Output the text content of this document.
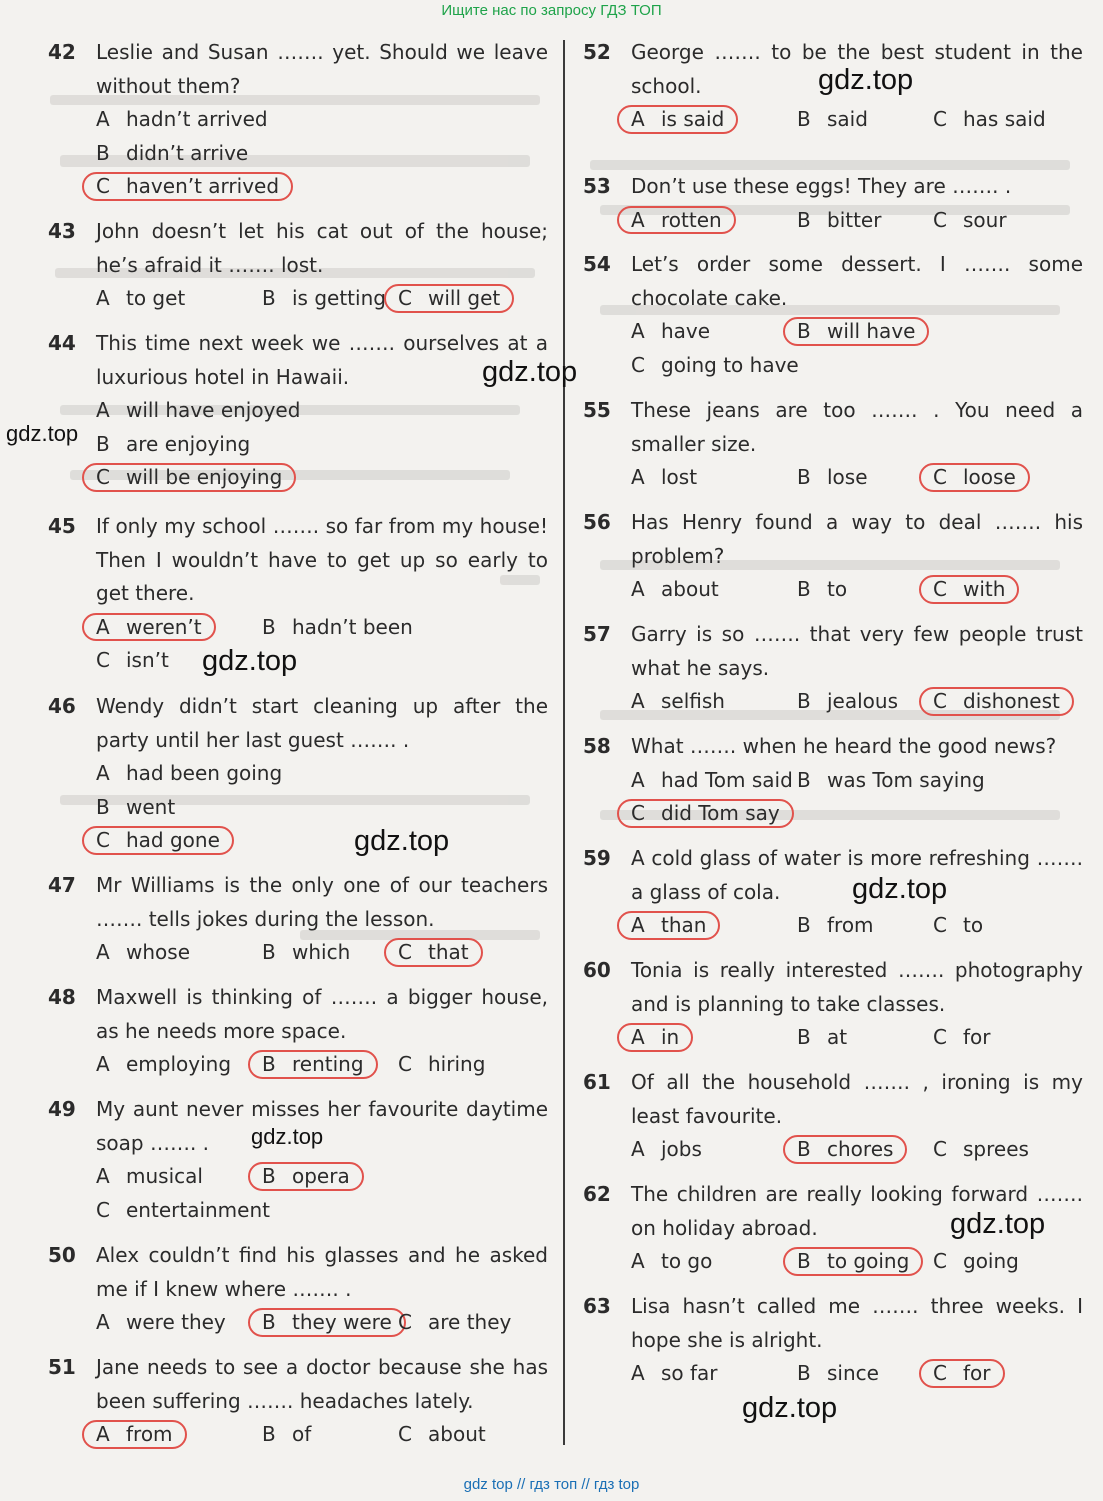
Ищите нас по запросу ГДЗ ТОП
42 Leslie and Susan ……. yet. Should we leave without them?
A hadn’t arrived
B didn’t arrive
C haven’t arrived
43 John doesn’t let his cat out of the house; he’s afraid it ……. lost.
A to get	B is getting C will get
44 This time next week we ……. ourselves at a luxurious hotel in Hawaii.
A will have enjoyed
B are enjoying
C will be enjoying
45 If only my school ……. so far from my house! Then I wouldn’t have to get up so early to get there.
A weren’t	B hadn’t been
C isn’t
46 Wendy didn’t start cleaning up after the party until her last guest ……. .
A had been going
B went
C had gone
47 Mr Williams is the only one of our teachers ……. tells jokes during the lesson.
A whose	B which C that
48 Maxwell is thinking of ……. a bigger house, as he needs more space.
A employing B renting C hiring
49 My aunt never misses her favourite daytime soap ……. .
A musical	B opera
C entertainment
50 Alex couldn’t find his glasses and he asked me if I knew where ……. .
A were they B they were C are they
51 Jane needs to see a doctor because she has been suffering ……. headaches lately.
A from	B of	C about
52 George ……. to be the best student in the school.
A is said	B said	C has said
53 Don’t use these eggs! They are ……. .
A rotten	B bitter	C sour
54 Let’s order some dessert. I ……. some chocolate cake.
A have	B will have
C going to have
55 These jeans are too ……. . You need a smaller size.
A lost	B lose	C loose
56 Has Henry found a way to deal ……. his problem?
A about	B to	C with
57 Garry is so ……. that very few people trust what he says.
A selfish	B jealous C dishonest
58 What ……. when he heard the good news?
A had Tom said B was Tom saying
C did Tom say
59 A cold glass of water is more refreshing ……. a glass of cola.
A than	B from	C to
60 Tonia is really interested ……. photography and is planning to take classes.
A in	B at	C for
61 Of all the household ……. , ironing is my least favourite.
A jobs	B chores C sprees
62 The children are really looking forward ……. on holiday abroad.
A to go	B to going C going
63 Lisa hasn’t called me ……. three weeks. I hope she is alright.
A so far	B since	C for
gdz.top
gdz.top
gdz.top
gdz.top
gdz.top
gdz.top
gdz.top
gdz.top
gdz.top
gdz top // гдз топ // гдз top
